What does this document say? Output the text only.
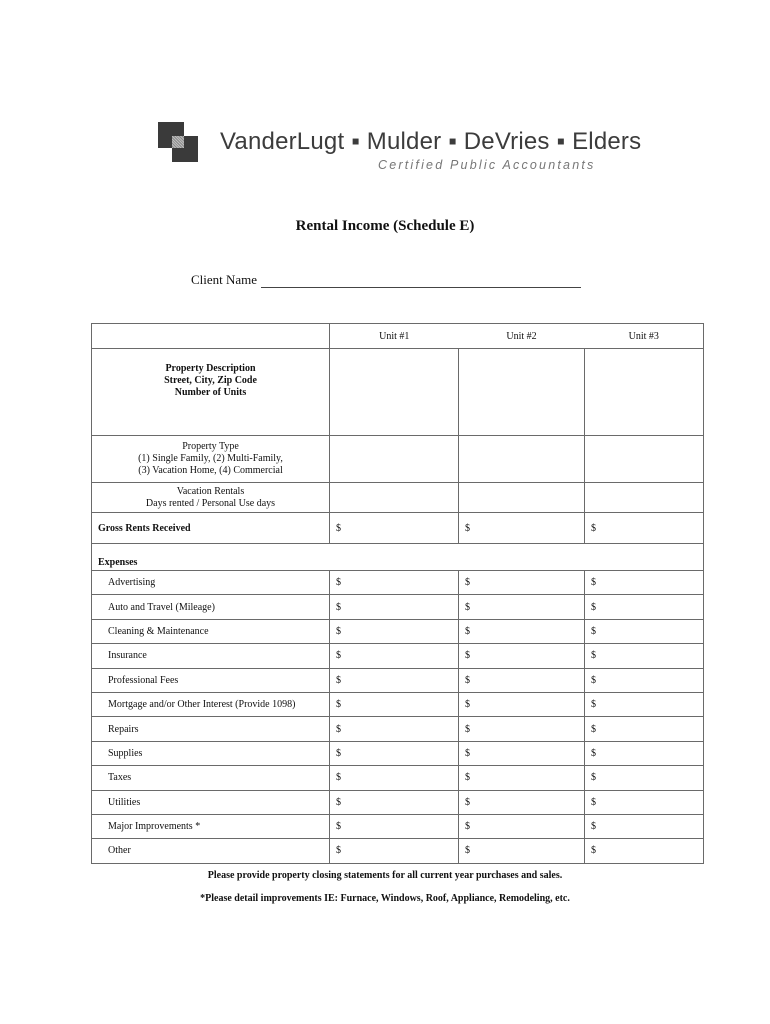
VanderLugt ▪ Mulder ▪ DeVries ▪ Elders
Certified Public Accountants
Rental Income (Schedule E)
Client Name
	Unit #1	Unit #2	Unit #3

Property Description
Street, City, Zip Code
Number of Units			

Property Type
(1) Single Family, (2) Multi-Family,
(3) Vacation Home, (4) Commercial			

Vacation Rentals
Days rented / Personal Use days			

Gross Rents Received	$	$	$
Expenses			
Advertising	$	$	$
Auto and Travel (Mileage)	$	$	$
Cleaning & Maintenance	$	$	$
Insurance	$	$	$
Professional Fees	$	$	$
Mortgage and/or Other Interest (Provide 1098)	$	$	$
Repairs	$	$	$
Supplies	$	$	$
Taxes	$	$	$
Utilities	$	$	$
Major Improvements *	$	$	$
Other	$	$	$
Please provide property closing statements for all current year purchases and sales.
*Please detail improvements IE: Furnace, Windows, Roof, Appliance, Remodeling, etc.
